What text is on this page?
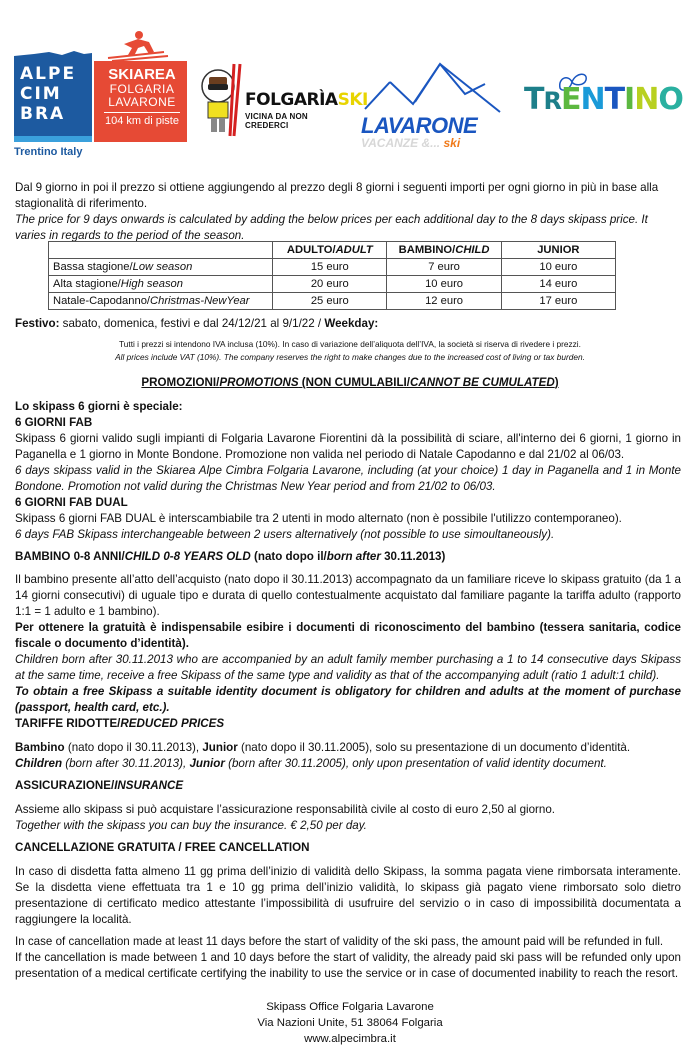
ALPE
CIM
BRA
SKIAREA
FOLGARIA
LAVARONE
104 km di piste
Trentino Italy
FOLGARÌASKI
VICINA DA NON CREDERCI	LAVARONE
VACANZE &... ski
TRENTINO
Dal 9 giorno in poi il prezzo si ottiene aggiungendo al prezzo degli 8 giorni i seguenti importi per ogni giorno in più in base alla stagionalità di riferimento.
The price for 9 days onwards is calculated by adding the below prices per each additional day to the 8 days skipass price. It varies in regards to the period of the season.
	ADULTO/ADULT	BAMBINO/CHILD	JUNIOR
Bassa stagione/Low season	15 euro	7 euro	10 euro
Alta stagione/High season	20 euro	10 euro	14 euro
Natale-Capodanno/Christmas-NewYear	25 euro	12 euro	17 euro
Festivo: sabato, domenica, festivi e dal 24/12/21 al 9/1/22 / Weekday:
Tutti i prezzi si intendono IVA inclusa (10%). In caso di variazione dell’aliquota dell’IVA, la società si riserva di rivedere i prezzi.
All prices include VAT (10%). The company reserves the right to make changes due to the increased cost of living or tax burden.
PROMOZIONI/PROMOTIONS (NON CUMULABILI/CANNOT BE CUMULATED)
Lo skipass 6 giorni è speciale:
6 GIORNI FAB
Skipass 6 giorni valido sugli impianti di Folgaria Lavarone Fiorentini dà la possibilità di sciare, all'interno dei 6 giorni, 1 giorno in Paganella e 1 giorno in Monte Bondone. Promozione non valida nel periodo di Natale Capodanno e dal 21/02 al 06/03.
6 days skipass valid in the Skiarea Alpe Cimbra Folgaria Lavarone, including (at your choice) 1 day in Paganella and 1 in Monte Bondone. Promotion not valid during the Christmas New Year period and from 21/02 to 06/03.
6 GIORNI FAB DUAL
Skipass 6 giorni FAB DUAL è interscambiabile tra 2 utenti in modo alternato (non è possibile l'utilizzo contemporaneo).
6 days FAB Skipass interchangeable between 2 users alternatively (not possible to use simoultaneously).
BAMBINO 0-8 ANNI/CHILD 0-8 YEARS OLD (nato dopo il/born after 30.11.2013)
Il bambino presente all’atto dell’acquisto (nato dopo il 30.11.2013) accompagnato da un familiare riceve lo skipass gratuito (da 1 a 14 giorni consecutivi) di uguale tipo e durata di quello contestualmente acquistato dal familiare pagante la tariffa adulto (rapporto 1:1 = 1 adulto e 1 bambino).
Per ottenere la gratuità è indispensabile esibire i documenti di riconoscimento del bambino (tessera sanitaria, codice fiscale o documento d’identità).
Children born after 30.11.2013 who are accompanied by an adult family member purchasing a 1 to 14 consecutive days Skipass at the same time, receive a free Skipass of the same type and validity as that of the accompanying adult (ratio 1 adult:1 child).
To obtain a free Skipass a suitable identity document is obligatory for children and adults at the moment of purchase (passport, health card, etc.).
TARIFFE RIDOTTE/REDUCED PRICES
Bambino (nato dopo il 30.11.2013), Junior (nato dopo il 30.11.2005), solo su presentazione di un documento d’identità.
Children (born after 30.11.2013), Junior (born after 30.11.2005), only upon presentation of valid identity document.
ASSICURAZIONE/INSURANCE
Assieme allo skipass si può acquistare l’assicurazione responsabilità civile al costo di euro 2,50 al giorno.
Together with the skipass you can buy the insurance. € 2,50 per day.
CANCELLAZIONE GRATUITA / FREE CANCELLATION
In caso di disdetta fatta almeno 11 gg prima dell’inizio di validità dello Skipass, la somma pagata viene rimborsata interamente. Se la disdetta viene effettuata tra 1 e 10 gg prima dell’inizio validità, lo skipass già pagato viene rimborsato solo dietro presentazione di certificato medico attestante l’impossibilità di usufruire del servizio o in caso di impossibilità documentata a raggiungere la località.
In case of cancellation made at least 11 days before the start of validity of the ski pass, the amount paid will be refunded in full.
If the cancellation is made between 1 and 10 days before the start of validity, the already paid ski pass will be refunded only upon presentation of a medical certificate certifying the inability to use the service or in case of documented inability to reach the resort.
Skipass Office Folgaria Lavarone
Via Nazioni Unite, 51 38064 Folgaria
www.alpecimbra.it
